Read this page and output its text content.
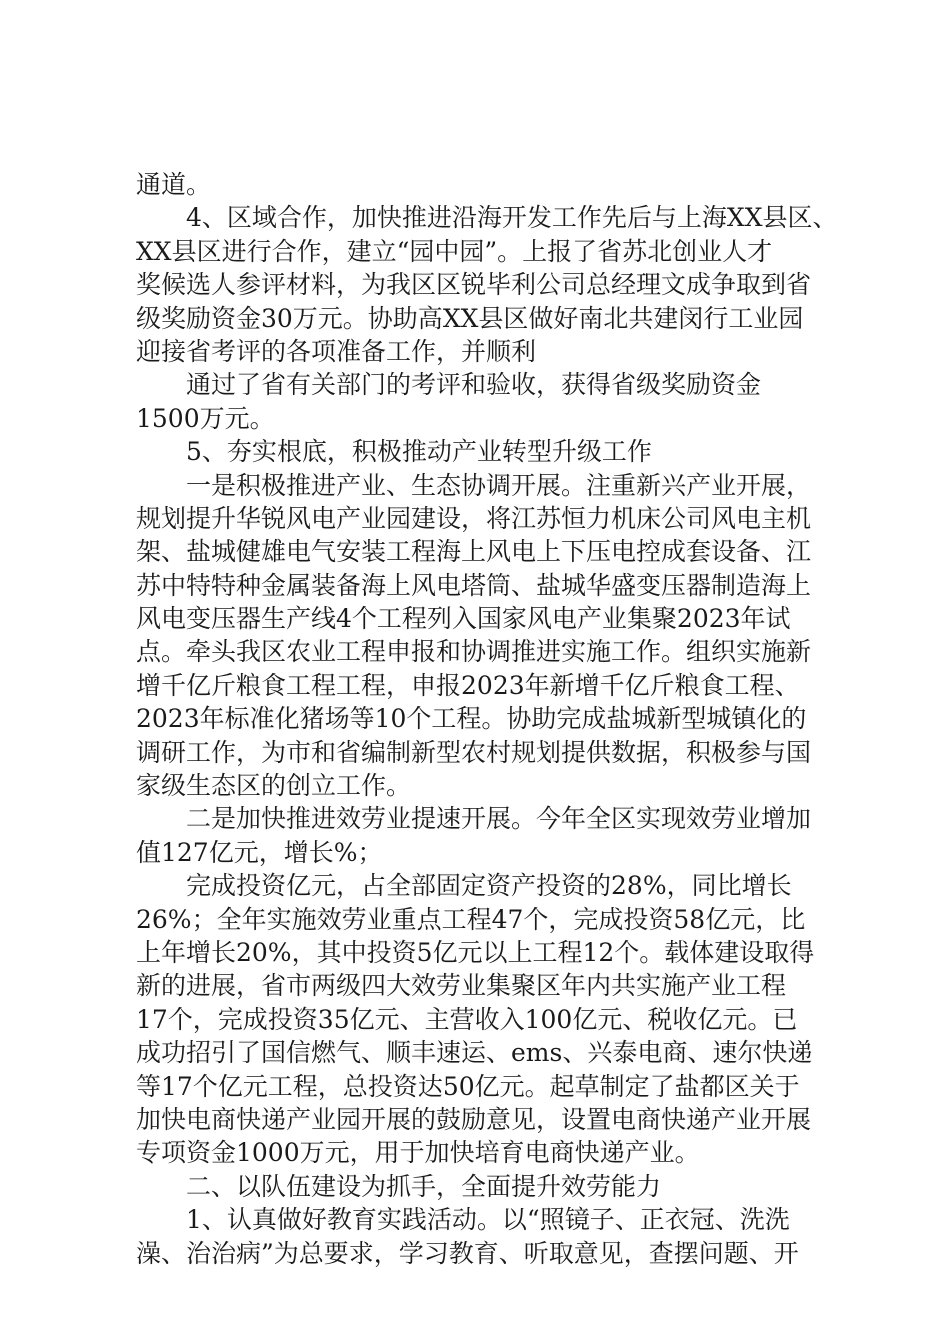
通道。
4、区域合作，加快推进沿海开发工作先后与上海XX县区、
XX县区进行合作，建立“园中园”。上报了省苏北创业人才
奖候选人参评材料，为我区区锐毕利公司总经理文成争取到省
级奖励资金30万元。协助高XX县区做好南北共建闵行工业园
迎接省考评的各项准备工作，并顺利
通过了省有关部门的考评和验收，获得省级奖励资金
1500万元。
5、夯实根底，积极推动产业转型升级工作
一是积极推进产业、生态协调开展。注重新兴产业开展，
规划提升华锐风电产业园建设，将江苏恒力机床公司风电主机
架、盐城健雄电气安装工程海上风电上下压电控成套设备、江
苏中特特种金属装备海上风电塔筒、盐城华盛变压器制造海上
风电变压器生产线4个工程列入国家风电产业集聚2023年试
点。牵头我区农业工程申报和协调推进实施工作。组织实施新
增千亿斤粮食工程工程，申报2023年新增千亿斤粮食工程、
2023年标准化猪场等10个工程。协助完成盐城新型城镇化的
调研工作，为市和省编制新型农村规划提供数据，积极参与国
家级生态区的创立工作。
二是加快推进效劳业提速开展。今年全区实现效劳业增加
值127亿元，增长%；
完成投资亿元，占全部固定资产投资的28%，同比增长
26%；全年实施效劳业重点工程47个，完成投资58亿元，比
上年增长20%，其中投资5亿元以上工程12个。载体建设取得
新的进展，省市两级四大效劳业集聚区年内共实施产业工程
17个，完成投资35亿元、主营收入100亿元、税收亿元。已
成功招引了国信燃气、顺丰速运、ems、兴泰电商、速尔快递
等17个亿元工程，总投资达50亿元。起草制定了盐都区关于
加快电商快递产业园开展的鼓励意见，设置电商快递产业开展
专项资金1000万元，用于加快培育电商快递产业。
二、以队伍建设为抓手，全面提升效劳能力
1、认真做好教育实践活动。以“照镜子、正衣冠、洗洗
澡、治治病”为总要求，学习教育、听取意见，查摆问题、开
